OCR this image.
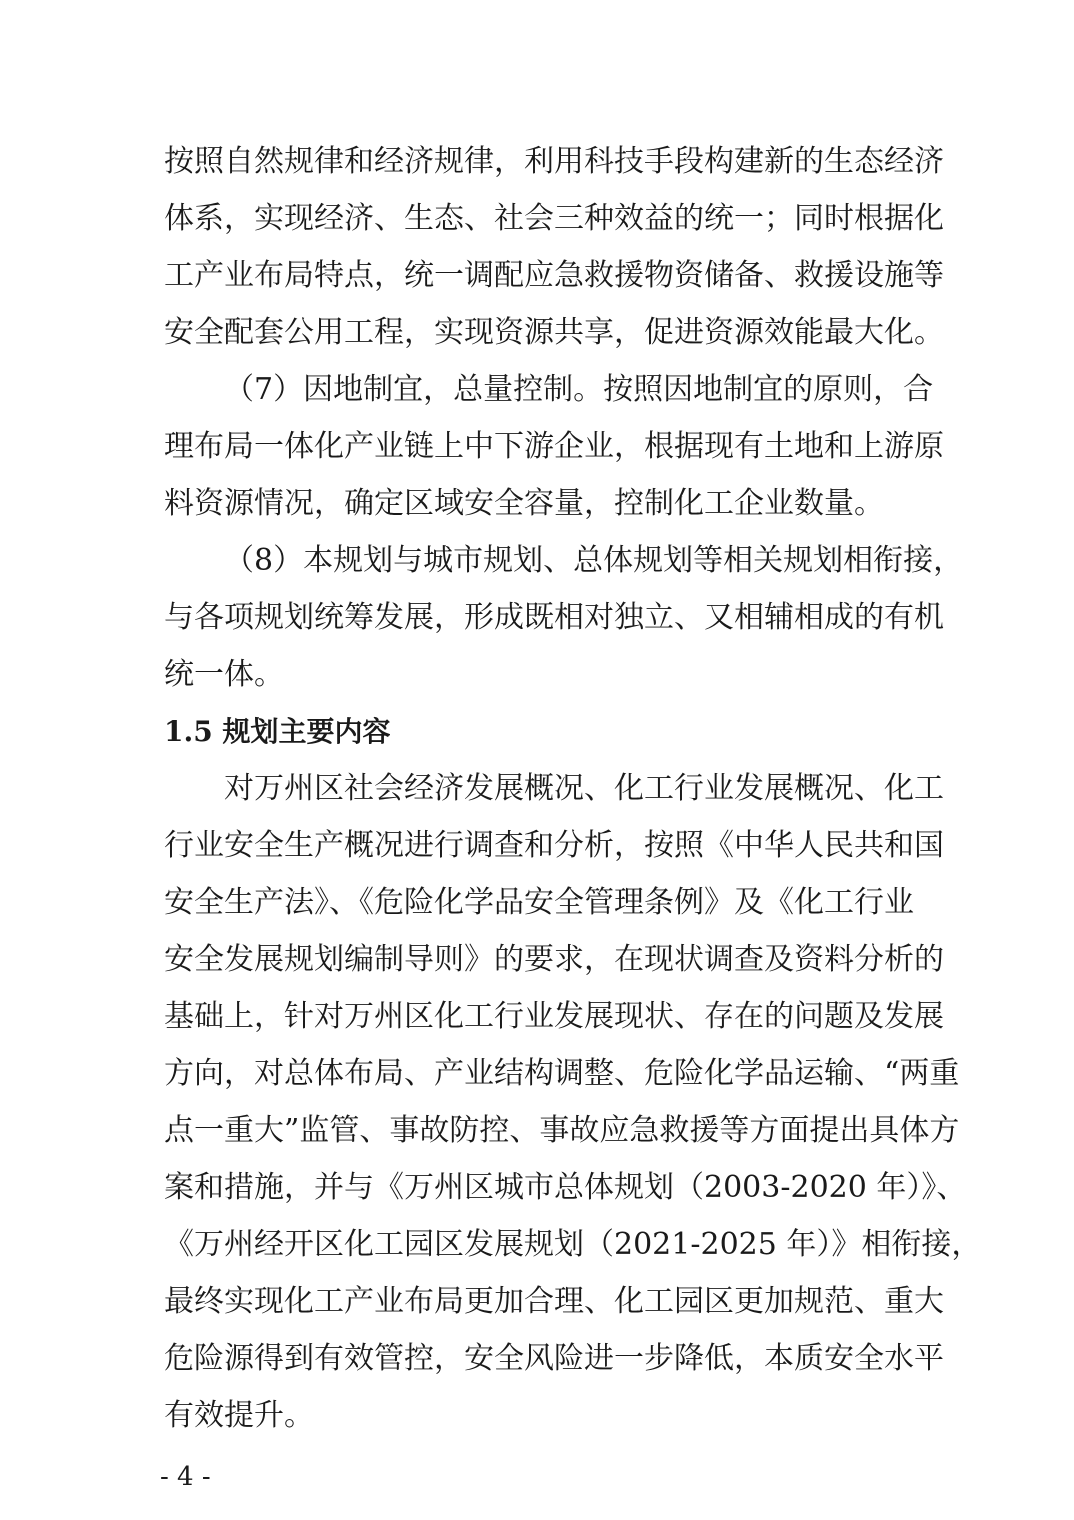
按照自然规律和经济规律，利用科技手段构建新的生态经济
体系，实现经济、生态、社会三种效益的统一；同时根据化
工产业布局特点，统一调配应急救援物资储备、救援设施等
安全配套公用工程，实现资源共享，促进资源效能最大化。
（7）因地制宜，总量控制。按照因地制宜的原则，合
理布局一体化产业链上中下游企业，根据现有土地和上游原
料资源情况，确定区域安全容量，控制化工企业数量。
（8）本规划与城市规划、总体规划等相关规划相衔接，
与各项规划统筹发展，形成既相对独立、又相辅相成的有机
统一体。
1.5 规划主要内容
对万州区社会经济发展概况、化工行业发展概况、化工
行业安全生产概况进行调查和分析，按照《中华人民共和国
安全生产法》、《危险化学品安全管理条例》及《化工行业
安全发展规划编制导则》的要求，在现状调查及资料分析的
基础上，针对万州区化工行业发展现状、存在的问题及发展
方向，对总体布局、产业结构调整、危险化学品运输、“两重
点一重大”监管、事故防控、事故应急救援等方面提出具体方
案和措施，并与《万州区城市总体规划（2003-2020 年）》、
《万州经开区化工园区发展规划（2021-2025 年）》相衔接，
最终实现化工产业布局更加合理、化工园区更加规范、重大
危险源得到有效管控，安全风险进一步降低，本质安全水平
有效提升。
- 4 -
